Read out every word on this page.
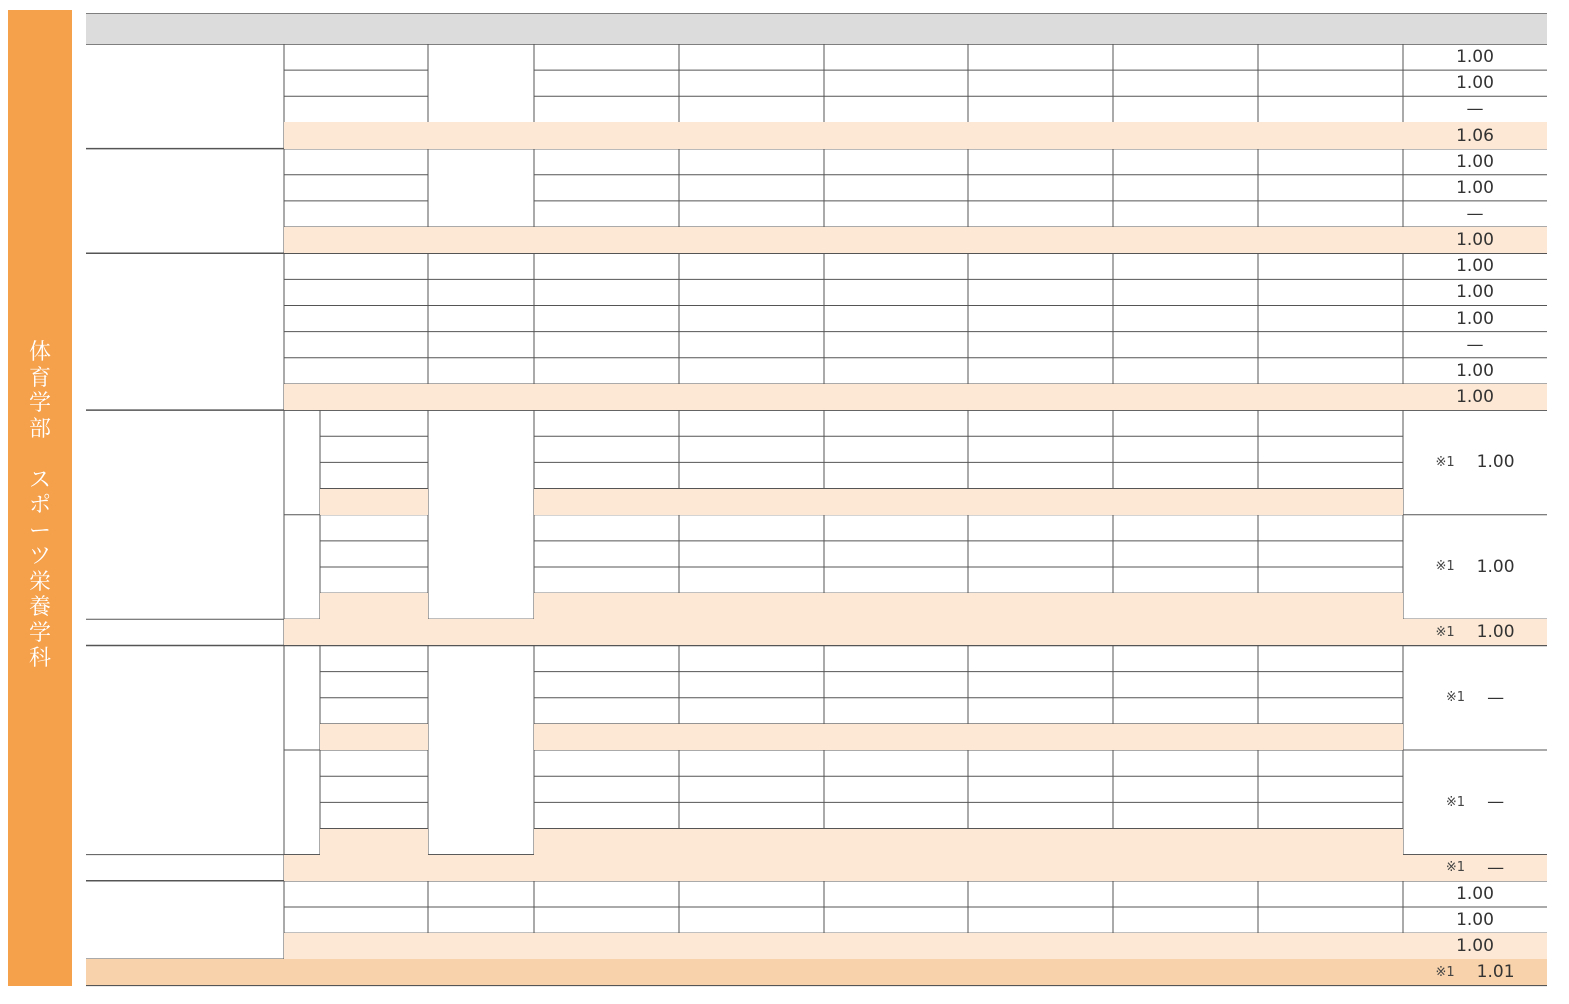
体
育
学
部

ス
ポ
ー
ツ
栄
養
学
科
1.00
1.00
—
1.06
1.00
1.00
—
1.00
1.00
1.00
1.00
—
1.00
1.00
※1 1.00
※1 —
1.00
1.00
1.00
※1 1.01
※1 1.00
※1 1.00
※1 —
※1 —
